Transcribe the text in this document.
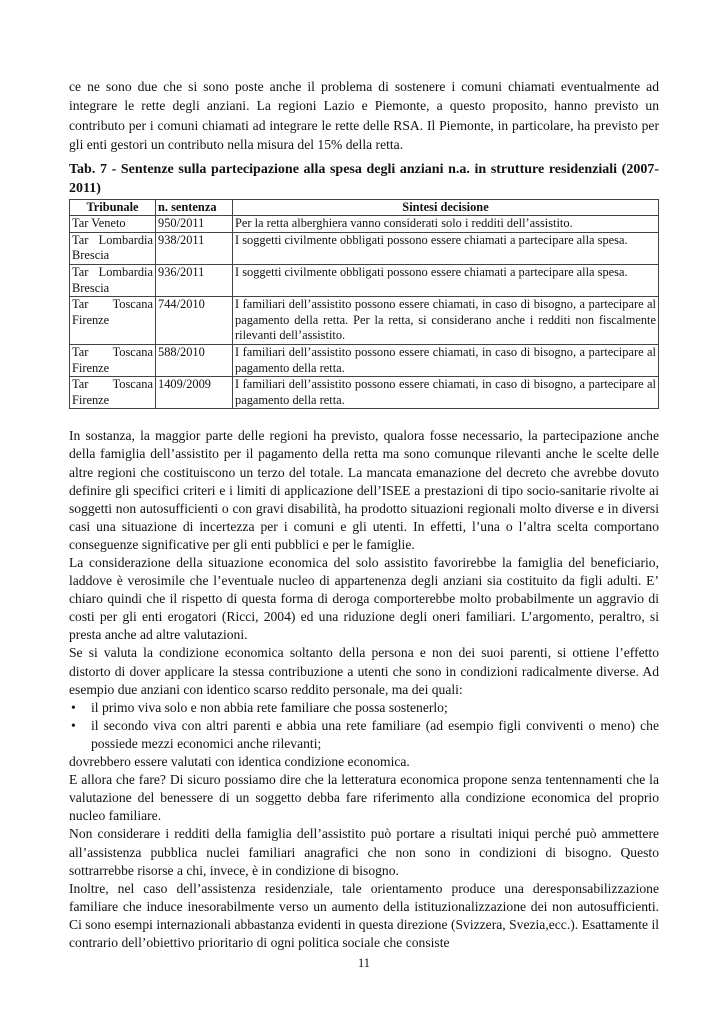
ce ne sono due che si sono poste anche il problema di sostenere i comuni chiamati eventualmente ad integrare le rette degli anziani. La regioni Lazio e Piemonte, a questo proposito, hanno previsto un contributo per i comuni chiamati ad integrare le rette delle RSA. Il Piemonte, in particolare, ha previsto per gli enti gestori un contributo nella misura del 15% della retta.

Tab. 7 - Sentenze sulla partecipazione alla spesa degli anziani n.a. in strutture residenziali (2007-2011)

Tribunale	n. sentenza	Sintesi decisione
Tar Veneto	950/2011	Per la retta alberghiera vanno considerati solo i redditi dell’assistito.
Tar Lombardia Brescia	938/2011	I soggetti civilmente obbligati possono essere chiamati a partecipare alla spesa.
Tar Lombardia Brescia	936/2011	I soggetti civilmente obbligati possono essere chiamati a partecipare alla spesa.
Tar Toscana Firenze	744/2010	I familiari dell’assistito possono essere chiamati, in caso di bisogno, a partecipare al pagamento della retta. Per la retta, si considerano anche i redditi non fiscalmente rilevanti dell’assistito.
Tar Toscana Firenze	588/2010	I familiari dell’assistito possono essere chiamati, in caso di bisogno, a partecipare al pagamento della retta.
Tar Toscana Firenze	1409/2009	I familiari dell’assistito possono essere chiamati, in caso di bisogno, a partecipare al pagamento della retta.

In sostanza, la maggior parte delle regioni ha previsto, qualora fosse necessario, la partecipazione anche della famiglia dell’assistito per il pagamento della retta ma sono comunque rilevanti anche le scelte delle altre regioni che costituiscono un terzo del totale. La mancata emanazione del decreto che avrebbe dovuto definire gli specifici criteri e i limiti di applicazione dell’ISEE a prestazioni di tipo socio-sanitarie rivolte ai soggetti non autosufficienti o con gravi disabilità, ha prodotto situazioni regionali molto diverse e in diversi casi una situazione di incertezza per i comuni e gli utenti. In effetti, l’una o l’altra scelta comportano conseguenze significative per gli enti pubblici e per le famiglie.

La considerazione della situazione economica del solo assistito favorirebbe la famiglia del beneficiario, laddove è verosimile che l’eventuale nucleo di appartenenza degli anziani sia costituito da figli adulti. E’ chiaro quindi che il rispetto di questa forma di deroga comporterebbe molto probabilmente un aggravio di costi per gli enti erogatori (Ricci, 2004) ed una riduzione degli oneri familiari. L’argomento, peraltro, si presta anche ad altre valutazioni.

Se si valuta la condizione economica soltanto della persona e non dei suoi parenti, si ottiene l’effetto distorto di dover applicare la stessa contribuzione a utenti che sono in condizioni radicalmente diverse. Ad esempio due anziani con identico scarso reddito personale, ma dei quali:

• il primo viva solo e non abbia rete familiare che possa sostenerlo;
• il secondo viva con altri parenti e abbia una rete familiare (ad esempio figli conviventi o meno) che possiede mezzi economici anche rilevanti;

dovrebbero essere valutati con identica condizione economica.

E allora che fare? Di sicuro possiamo dire che la letteratura economica propone senza tentennamenti che la valutazione del benessere di un soggetto debba fare riferimento alla condizione economica del proprio nucleo familiare.

Non considerare i redditi della famiglia dell’assistito può portare a risultati iniqui perché può ammettere all’assistenza pubblica nuclei familiari anagrafici che non sono in condizioni di bisogno. Questo sottrarrebbe risorse a chi, invece, è in condizione di bisogno.

Inoltre, nel caso dell’assistenza residenziale, tale orientamento produce una deresponsabilizzazione familiare che induce inesorabilmente verso un aumento della istituzionalizzazione dei non autosufficienti. Ci sono esempi internazionali abbastanza evidenti in questa direzione (Svizzera, Svezia,ecc.). Esattamente il contrario dell’obiettivo prioritario di ogni politica sociale che consiste

11
